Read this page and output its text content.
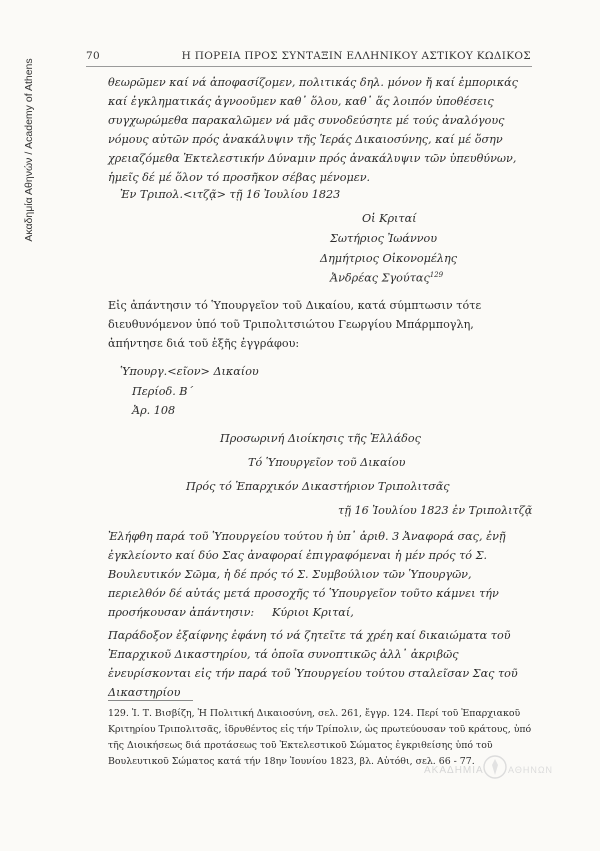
Ακαδημία Αθηνών / Academy of Athens
70	Η ΠΟΡΕΙΑ ΠΡΟΣ ΣΥΝΤΑΞΙΝ ΕΛΛΗΝΙΚΟΥ ΑΣΤΙΚΟΥ ΚΩΔΙΚΟΣ

θεωρῶμεν καί νά ἀποφασίζομεν, πολιτικάς δηλ. μόνον ἤ καί ἐμπορικάς καί ἐγκληματικάς ἀγνοοῦμεν καθ᾽ ὅλου, καθ᾽ ἅς λοιπόν ὑποθέσεις συγχωρώμεθα παρακαλῶμεν νά μᾶς συνοδεύσητε μέ τούς ἀναλόγους νόμους αὐτῶν πρός ἀνακάλυψιν τῆς Ἱεράς Δικαιοσύνης, καί μέ ὅσην χρειαζόμεθα Ἐκτελεστικήν Δύναμιν πρός ἀνακάλυψιν τῶν ὑπευθύνων, ἡμεῖς δέ μέ ὅλον τό προσῆκον σέβας μένομεν.

Ἐν Τριπολ.<ιτζᾷ> τῇ 16 Ἰουλίου 1823
Οἱ Κριταί
Σωτήριος Ἰωάννου
Δημήτριος Οἰκονομέλης
Ἀνδρέας Σγούτας$^{129}$

Εἰς ἀπάντησιν τό Ὑπουργεῖον τοῦ Δικαίου, κατά σύμπτωσιν τότε διευθυνόμενον ὑπό τοῦ Τριπολιτσιώτου Γεωργίου Μπάρμπογλη, ἀπήντησε διά τοῦ ἑξῆς ἐγγράφου:

Ὑπουργ.<εῖον> Δικαίου
Περίοδ. Β´
Ἀρ. 108
Προσωρινή Διοίκησις τῆς Ἑλλάδος
Τό Ὑπουργεῖον τοῦ Δικαίου
Πρός τό Ἐπαρχικόν Δικαστήριον Τριπολιτσᾶς
τῇ 16 Ἰουλίου 1823 ἐν Τριπολιτζᾷ

Ἐλήφθη παρά τοῦ Ὑπουργείου τούτου ἡ ὑπ᾽ ἀριθ. 3 Ἀναφορά σας, ἐνῇ ἐγκλείοντο καί δύο Σας ἀναφοραί ἐπιγραφόμεναι ἡ μέν πρός τό Σ. Βουλευτικόν Σῶμα, ἡ δέ πρός τό Σ. Συμβούλιον τῶν Ὑπουργῶν, περιελθόν δέ αὐτάς μετά προσοχῆς τό Ὑπουργεῖον τοῦτο κάμνει τήν προσήκουσαν ἀπάντησιν:	Κύριοι Κριταί,

Παράδοξον ἐξαίφνης ἐφάνη τό νά ζητεῖτε τά χρέη καί δικαιώματα τοῦ Ἐπαρχικοῦ Δικαστηρίου, τά ὁποῖα συνοπτικῶς ἀλλ᾽ ἀκριβῶς ἐνευρίσκονται εἰς τήν παρά τοῦ Ὑπουργείου τούτου σταλεῖσαν Σας τοῦ Δικαστηρίου

129. Ἰ. Τ. Βισβίζη, Ἡ Πολιτική Δικαιοσύνη, σελ. 261, ἔγγρ. 124. Περί τοῦ Ἐπαρχιακοῦ Κριτηρίου Τριπολιτσᾶς, ἱδρυθέντος εἰς τήν Τρίπολιν, ὡς πρωτεύουσαν τοῦ κράτους, ὑπό τῆς Διοικήσεως διά προτάσεως τοῦ Ἐκτελεστικοῦ Σώματος ἐγκριθείσης ὑπό τοῦ Βουλευτικοῦ Σώματος κατά τήν 18ην Ἰουνίου 1823, βλ. Αὐτόθι, σελ. 66 - 77.

ΑΚΑΔΗΜΙΑ	ΑΘΗΝΩΝ
